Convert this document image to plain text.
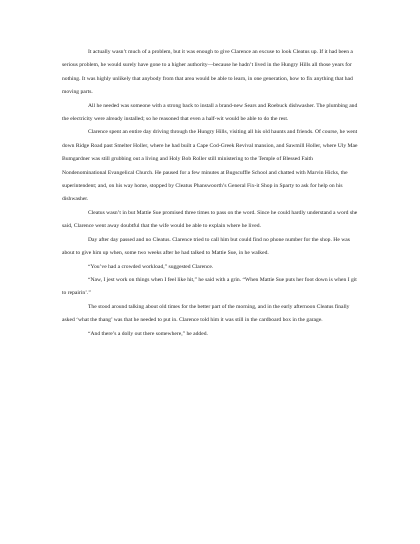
It actually wasn’t much of a problem, but it was enough to give Clarence an excuse to look Cleatus up. If it had been a serious problem, he would surely have gone to a higher authority—because he hadn’t lived in the Hungry Hills all those years for nothing. It was highly unlikely that anybody from that area would be able to learn, in one generation, how to fix anything that had moving parts.

All he needed was someone with a strong back to install a brand-new Sears and Roebuck dishwasher. The plumbing and the electricity were already installed; so he reasoned that even a half-wit would be able to do the rest.

Clarence spent an entire day driving through the Hungry Hills, visiting all his old haunts and friends. Of course, he went down Ridge Road past Smelter Holler, where he had built a Cape Cod-Greek Revival mansion, and Sawmill Holler, where Uly Mae Bumgardner was still grubbing out a living and Holy Bob Roller still ministering to the Temple of Blessed Faith Nondenominational Evangelical Church. He paused for a few minutes at Bugscuffle School and chatted with Marvin Hicks, the superintendent; and, on his way home, stopped by Cleatus Phanswoorth’s General Fix-it Shop in Sparty to ask for help on his dishwasher.

Cleatus wasn’t in but Mattie Sue promised three times to pass on the word. Since he could hardly understand a word she said, Clarence went away doubtful that the wife would be able to explain where he lived.

Day after day passed and no Cleatus. Clarence tried to call him but could find no phone number for the shop. He was about to give him up when, some two weeks after he had talked to Mattie Sue, in he walked.

“You’ve had a crowded workload,” suggested Clarence.

“Naw, I jest work on things when I feel like hit,” he said with a grin. “When Mattie Sue puts her foot down is when I git to repairin’.”

The stood around talking about old times for the better part of the morning, and in the early afternoon Cleatus finally asked ‘what the thang’ was that he needed to put in. Clarence told him it was still in the cardboard box in the garage.

“And there’s a dolly out there somewhere,” he added.
